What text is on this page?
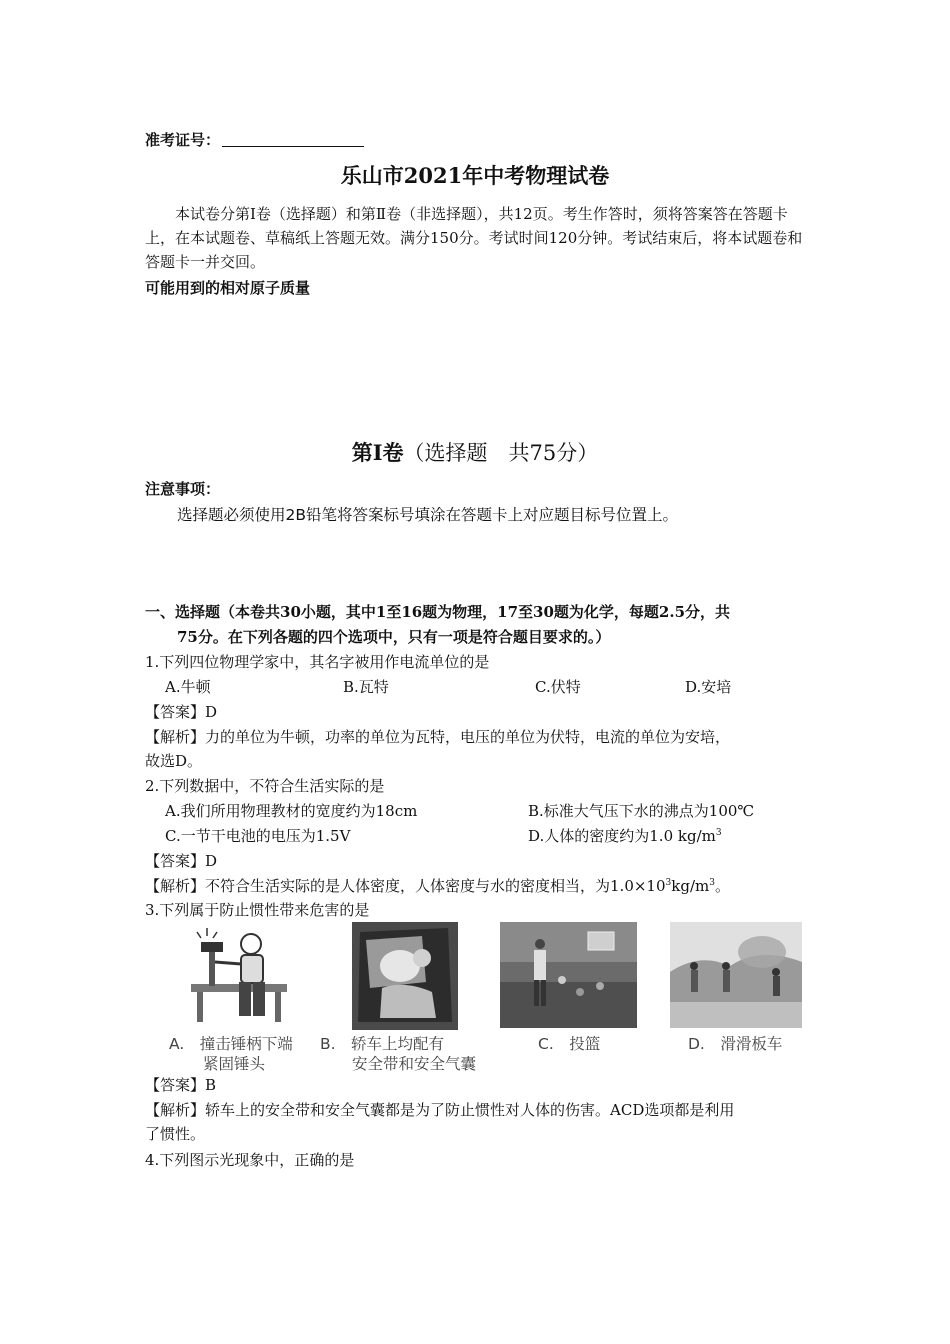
准考证号：
乐山市2021年中考物理试卷
本试卷分第Ⅰ卷（选择题）和第Ⅱ卷（非选择题），共12页。考生作答时，须将答案答在答题卡上，在本试题卷、草稿纸上答题无效。满分150分。考试时间120分钟。考试结束后，将本试题卷和答题卡一并交回。
可能用到的相对原子质量
第Ⅰ卷（选择题　共75分）
注意事项：
选择题必须使用2B铅笔将答案标号填涂在答题卡上对应题目标号位置上。
一、选择题（本卷共30小题，其中1至16题为物理，17至30题为化学，每题2.5分，共
75分。在下列各题的四个选项中，只有一项是符合题目要求的。）
1.下列四位物理学家中，其名字被用作电流单位的是
A.牛顿	B.瓦特	C.伏特	D.安培
【答案】D
【解析】力的单位为牛顿，功率的单位为瓦特，电压的单位为伏特，电流的单位为安培，
故选D。
2.下列数据中，不符合生活实际的是
A.我们所用物理教材的宽度约为18cm	B.标准大气压下水的沸点为100℃
C.一节干电池的电压为1.5V	D.人体的密度约为1.0 $kg/m^3$
【答案】D
【解析】不符合生活实际的是人体密度，人体密度与水的密度相当，为$1.0\times 10^3kg/m^3$。
3.下列属于防止惯性带来危害的是
A.　撞击锤柄下端
紧固锤头
B.　轿车上均配有
安全带和安全气囊
C.　投篮	D.　滑滑板车
【答案】B
【解析】轿车上的安全带和安全气囊都是为了防止惯性对人体的伤害。ACD选项都是利用
了惯性。
4.下列图示光现象中，正确的是
